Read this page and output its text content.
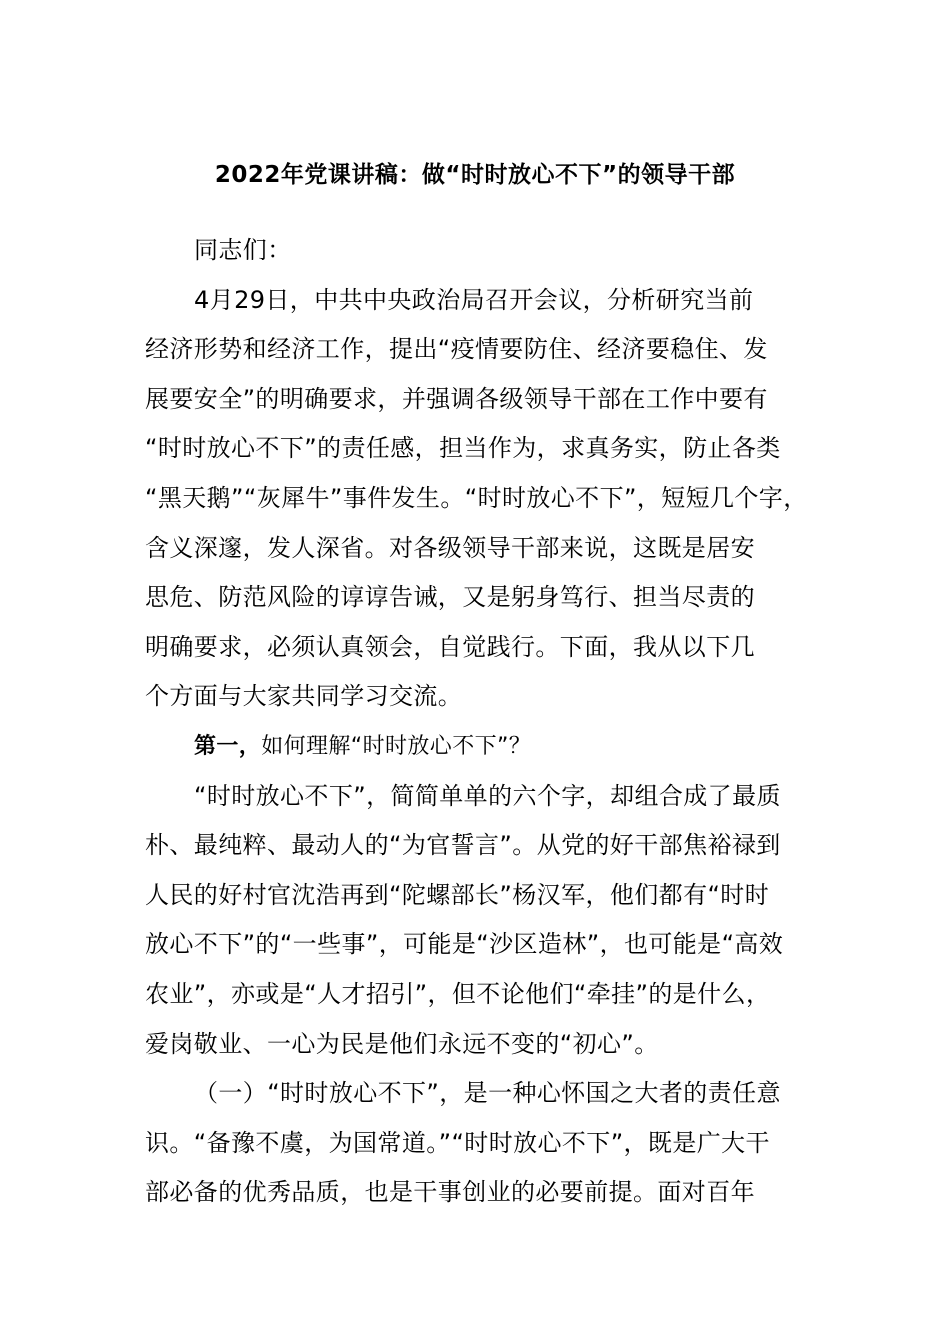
2022年党课讲稿：做“时时放心不下”的领导干部
同志们：
4月29日，中共中央政治局召开会议，分析研究当前
经济形势和经济工作，提出“疫情要防住、经济要稳住、发
展要安全”的明确要求，并强调各级领导干部在工作中要有
“时时放心不下”的责任感，担当作为，求真务实，防止各类
“黑天鹅”“灰犀牛”事件发生。“时时放心不下”，短短几个字，
含义深邃，发人深省。对各级领导干部来说，这既是居安
思危、防范风险的谆谆告诫，又是躬身笃行、担当尽责的
明确要求，必须认真领会，自觉践行。下面，我从以下几
个方面与大家共同学习交流。
第一，如何理解“时时放心不下”？
“时时放心不下”，简简单单的六个字，却组合成了最质
朴、最纯粹、最动人的“为官誓言”。从党的好干部焦裕禄到
人民的好村官沈浩再到“陀螺部长”杨汉军，他们都有“时时
放心不下”的“一些事”，可能是“沙区造林”，也可能是“高效
农业”，亦或是“人才招引”，但不论他们“牵挂”的是什么，
爱岗敬业、一心为民是他们永远不变的“初心”。
（一）“时时放心不下”，是一种心怀国之大者的责任意
识。“备豫不虞，为国常道。”“时时放心不下”，既是广大干
部必备的优秀品质，也是干事创业的必要前提。面对百年
